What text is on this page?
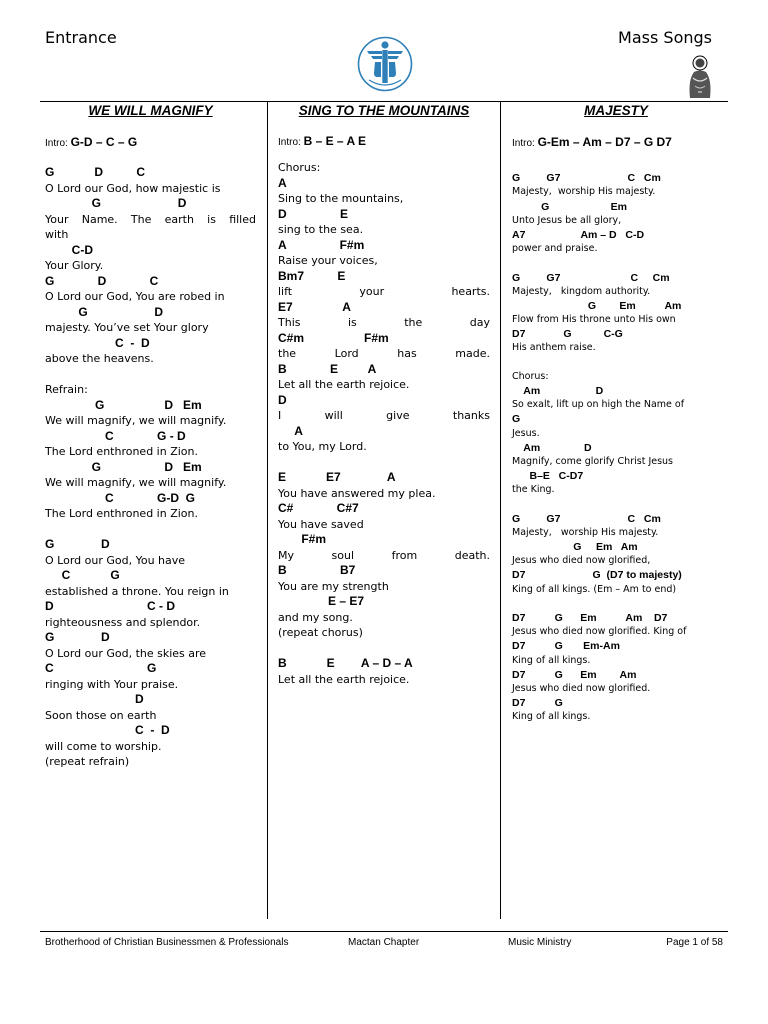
Entrance	Mass Songs
WE WILL MAGNIFY
Intro: G-D – C – G
G            D          C
O Lord our God, how majestic is
G                       D
Your Name. The earth is filled
with
C-D
Your Glory.
G             D             C
O Lord our God, You are robed in
G                    D
majesty. You’ve set Your glory
C  -  D
above the heavens.
Refrain:
G                  D   Em
We will magnify, we will magnify.
C             G - D
The Lord enthroned in Zion.
G                   D   Em
We will magnify, we will magnify.
C             G-D  G
The Lord enthroned in Zion.
G              D
O Lord our God, You have
C            G
established a throne. You reign in
D                            C - D
righteousness and splendor.
G              D
O Lord our God, the skies are
C                            G
ringing with Your praise.
D
Soon those on earth
C  -  D
will come to worship.
(repeat refrain)
SING TO THE MOUNTAINS
Intro: B – E – A E
Chorus:
A
Sing to the mountains,
D                E
sing to the sea.
A                F#m
Raise your voices,
Bm7          E
lift your hearts.
E7               A
This is the day
C#m                  F#m
the Lord has made.
B             E         A
Let all the earth rejoice.
D
I will give thanks
A
to You, my Lord.
E            E7              A
You have answered my plea.
C#             C#7
You have saved
F#m
My soul from death.
B                B7
You are my strength
E – E7
and my song.
(repeat chorus)
B            E        A – D – A
Let all the earth rejoice.
MAJESTY
Intro: G-Em – Am – D7 – G D7
G         G7                       C   Cm
Majesty,  worship His majesty.
G                     Em
Unto Jesus be all glory,
A7                   Am – D   C-D
power and praise.
G         G7                        C     Cm
Majesty,   kingdom authority.
G        Em          Am
Flow from His throne unto His own
D7             G           C-G
His anthem raise.
Chorus:
Am                   D
So exalt, lift up on high the Name of
G
Jesus.
Am               D
Magnify, come glorify Christ Jesus
B–E   C-D7
the King.
G         G7                       C   Cm
Majesty,   worship His majesty.
G     Em   Am
Jesus who died now glorified,
D7                       G  (D7 to majesty)
King of all kings. (Em – Am to end)
D7          G      Em          Am    D7
Jesus who died now glorified. King of
D7          G       Em-Am
King of all kings.
D7          G      Em        Am
Jesus who died now glorified.
D7          G
King of all kings.
Brotherhood of Christian Businessmen & Professionals	Mactan Chapter	Music Ministry	Page 1 of 58
